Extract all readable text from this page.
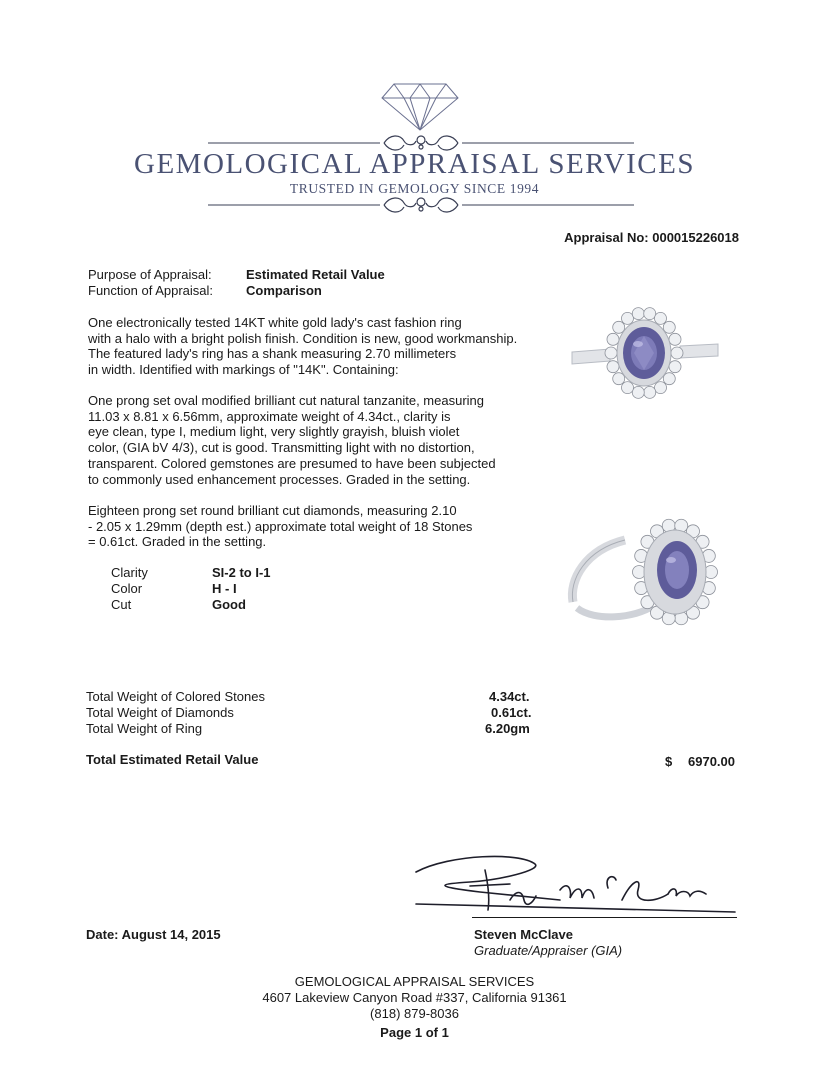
GEMOLOGICAL APPRAISAL SERVICES
TRUSTED IN GEMOLOGY SINCE 1994
Appraisal No: 000015226018
Purpose of Appraisal:	Estimated Retail Value
Function of Appraisal:	Comparison

One electronically tested 14KT white gold lady's cast fashion ring

with a halo with a bright polish finish. Condition is new, good workmanship.

The featured lady's ring has a shank measuring 2.70 millimeters

in width. Identified with markings of "14K". Containing:

One prong set oval modified brilliant cut natural tanzanite, measuring

11.03 x 8.81 x 6.56mm, approximate weight of 4.34ct., clarity is

eye clean, type I, medium light, very slightly grayish, bluish violet

color, (GIA bV 4/3), cut is good. Transmitting light with no distortion,

transparent. Colored gemstones are presumed to have been subjected

to commonly used enhancement processes. Graded in the setting.

Eighteen prong set round brilliant cut diamonds, measuring 2.10

- 2.05 x 1.29mm (depth est.) approximate total weight of 18 Stones

= 0.61ct. Graded in the setting.

Clarity	SI-2 to I-1
Color	H - I
Cut	Good
Total Weight of Colored Stones	4.34ct.
Total Weight of Diamonds	0.61ct.
Total Weight of Ring	6.20gm
Total Estimated Retail Value	$ 6970.00
Date: August 14, 2015	Steven McClave
Graduate/Appraiser (GIA)
GEMOLOGICAL APPRAISAL SERVICES
4607 Lakeview Canyon Road #337, California 91361
(818) 879-8036
Page 1 of 1
